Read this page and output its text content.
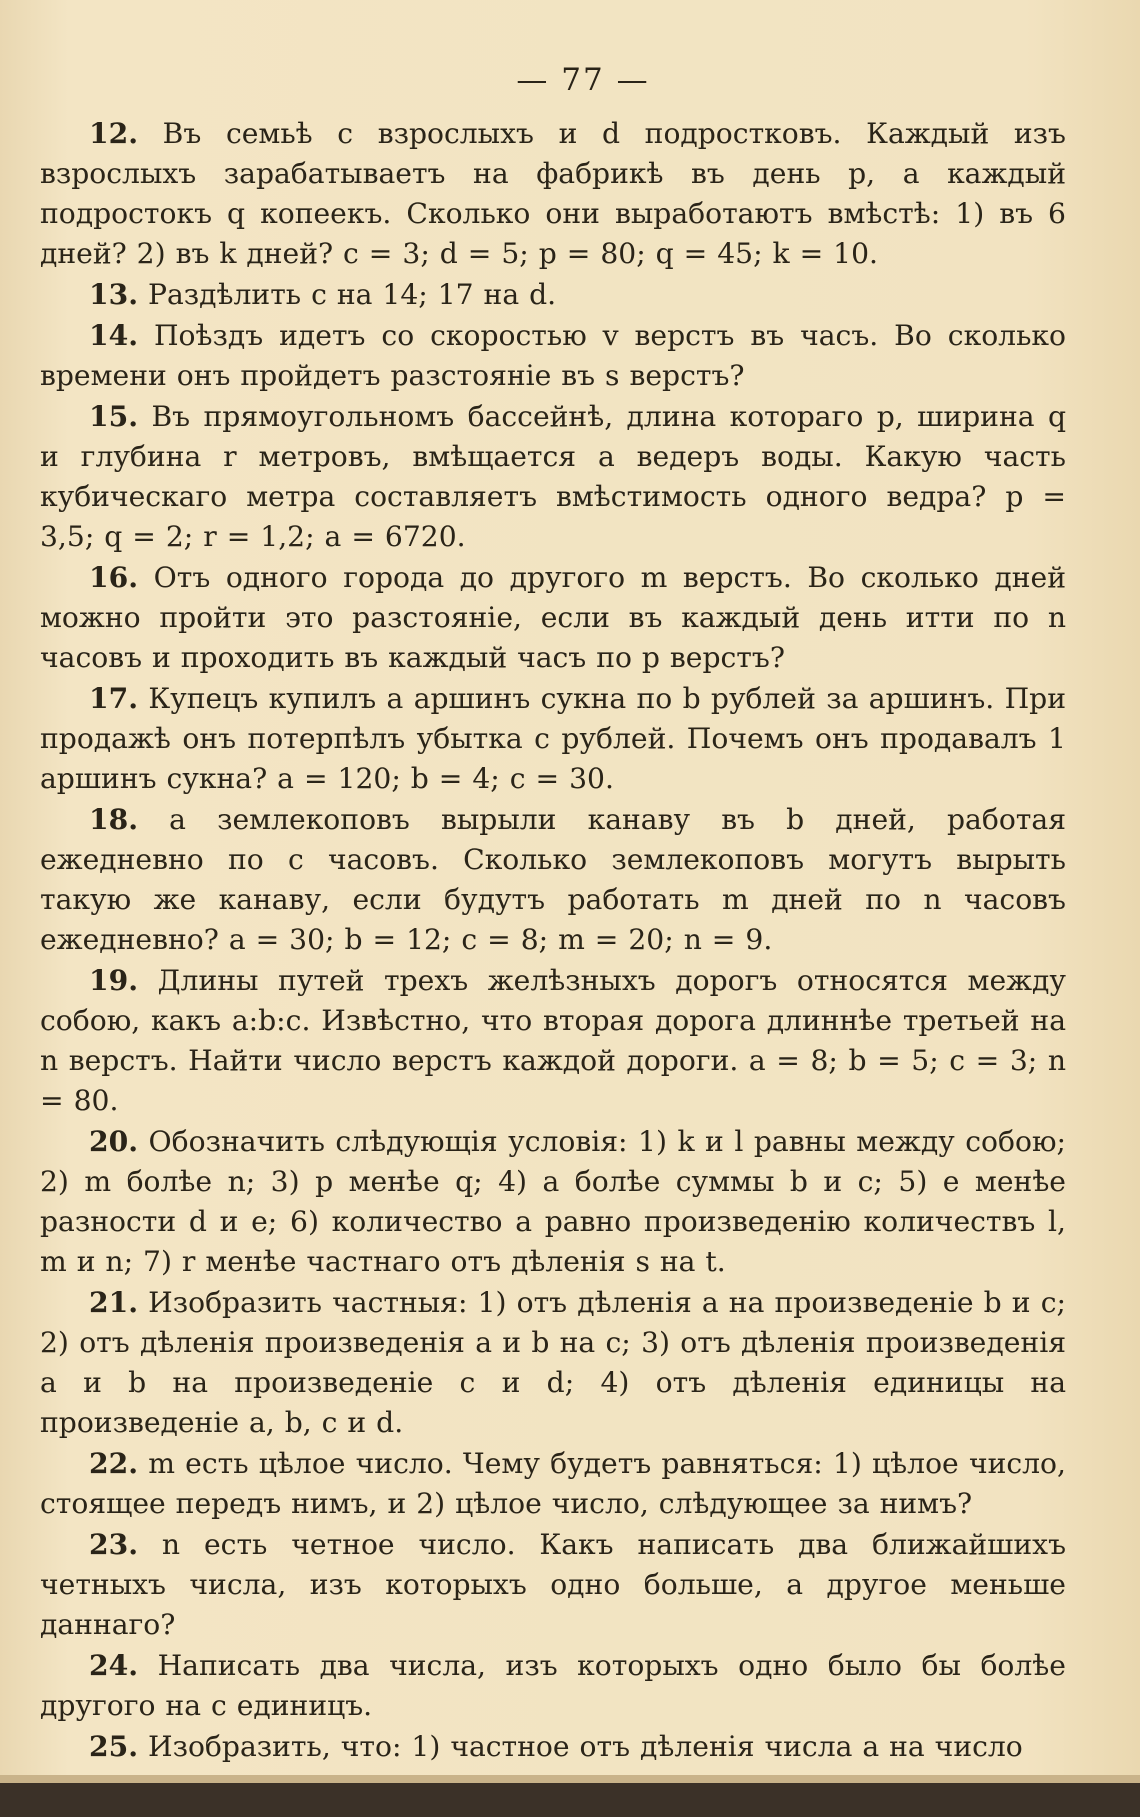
— 77 —

12. Въ семьѣ c взрослыхъ и d подростковъ. Каждый изъ взрослыхъ зарабатываетъ на фабрикѣ въ день p, а каждый подростокъ q копеекъ. Сколько они выработаютъ вмѣстѣ: 1) въ 6 дней? 2) въ k дней? c = 3; d = 5; p = 80; q = 45; k = 10.

13. Раздѣлить c на 14; 17 на d.

14. Поѣздъ идетъ со скоростью v верстъ въ часъ. Во сколько времени онъ пройдетъ разстояніе въ s верстъ?

15. Въ прямоугольномъ бассейнѣ, длина котораго p, ширина q и глубина r метровъ, вмѣщается a ведеръ воды. Какую часть кубическаго метра составляетъ вмѣстимость одного ведра? p = 3,5; q = 2; r = 1,2; a = 6720.

16. Отъ одного города до другого m верстъ. Во сколько дней можно пройти это разстояніе, если въ каждый день итти по n часовъ и проходить въ каждый часъ по p верстъ?

17. Купецъ купилъ a аршинъ сукна по b рублей за аршинъ. При продажѣ онъ потерпѣлъ убытка c рублей. Почемъ онъ продавалъ 1 аршинъ сукна? a = 120; b = 4; c = 30.

18. a землекоповъ вырыли канаву въ b дней, работая ежедневно по c часовъ. Сколько землекоповъ могутъ вырыть такую же канаву, если будутъ работать m дней по n часовъ ежедневно? a = 30; b = 12; c = 8; m = 20; n = 9.

19. Длины путей трехъ желѣзныхъ дорогъ относятся между собою, какъ a:b:c. Извѣстно, что вторая дорога длиннѣе третьей на n верстъ. Найти число верстъ каждой дороги. a = 8; b = 5; c = 3; n = 80.

20. Обозначить слѣдующія условія: 1) k и l равны между собою; 2) m болѣе n; 3) p менѣе q; 4) a болѣе суммы b и c; 5) e менѣе разности d и e; 6) количество a равно произведенію количествъ l, m и n; 7) r менѣе частнаго отъ дѣленія s на t.

21. Изобразить частныя: 1) отъ дѣленія a на произведеніе b и c; 2) отъ дѣленія произведенія a и b на c; 3) отъ дѣленія произведенія a и b на произведеніе c и d; 4) отъ дѣленія единицы на произведеніе a, b, c и d.

22. m есть цѣлое число. Чему будетъ равняться: 1) цѣлое число, стоящее передъ нимъ, и 2) цѣлое число, слѣдующее за нимъ?

23. n есть четное число. Какъ написать два ближайшихъ четныхъ числа, изъ которыхъ одно больше, а другое меньше даннаго?

24. Написать два числа, изъ которыхъ одно было бы болѣе другого на c единицъ.

25. Изобразить, что: 1) частное отъ дѣленія числа a на число
